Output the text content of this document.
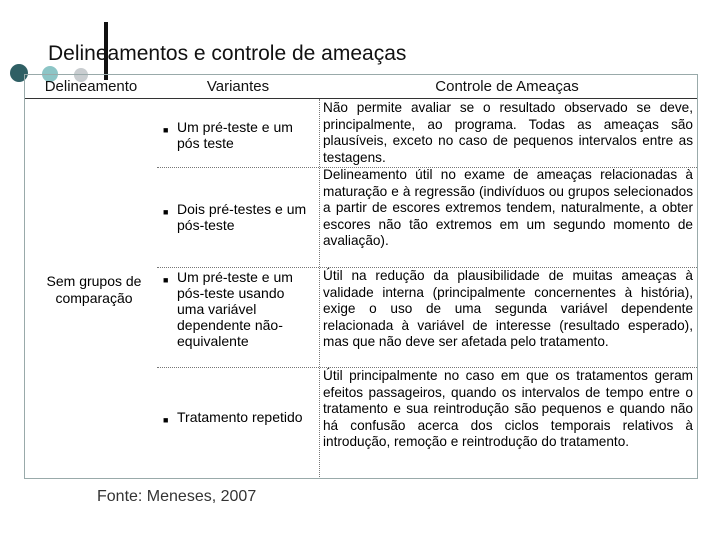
Delineamentos e controle de ameaças
Delineamento	Variantes	Controle de Ameaças
Sem grupos de comparação
■ Um pré-teste e um pós teste
Não permite avaliar se o resultado observado se deve, principalmente, ao programa. Todas as ameaças são plausíveis, exceto no caso de pequenos intervalos entre as testagens.
■ Dois pré-testes e um pós-teste
Delineamento útil no exame de ameaças relacionadas à maturação e à regressão (indivíduos ou grupos selecionados a partir de escores extremos tendem, naturalmente, a obter escores não tão extremos em um segundo momento de avaliação).
■ Um pré-teste e um pós-teste usando uma variável dependente não-equivalente
Útil na redução da plausibilidade de muitas ameaças à validade interna (principalmente concernentes à história), exige o uso de uma segunda variável dependente relacionada à variável de interesse (resultado esperado), mas que não deve ser afetada pelo tratamento.
■ Tratamento repetido
Útil principalmente no caso em que os tratamentos geram efeitos passageiros, quando os intervalos de tempo entre o tratamento e sua reintrodução são pequenos e quando não há confusão acerca dos ciclos temporais relativos à introdução, remoção e reintrodução do tratamento.
Fonte: Meneses, 2007
